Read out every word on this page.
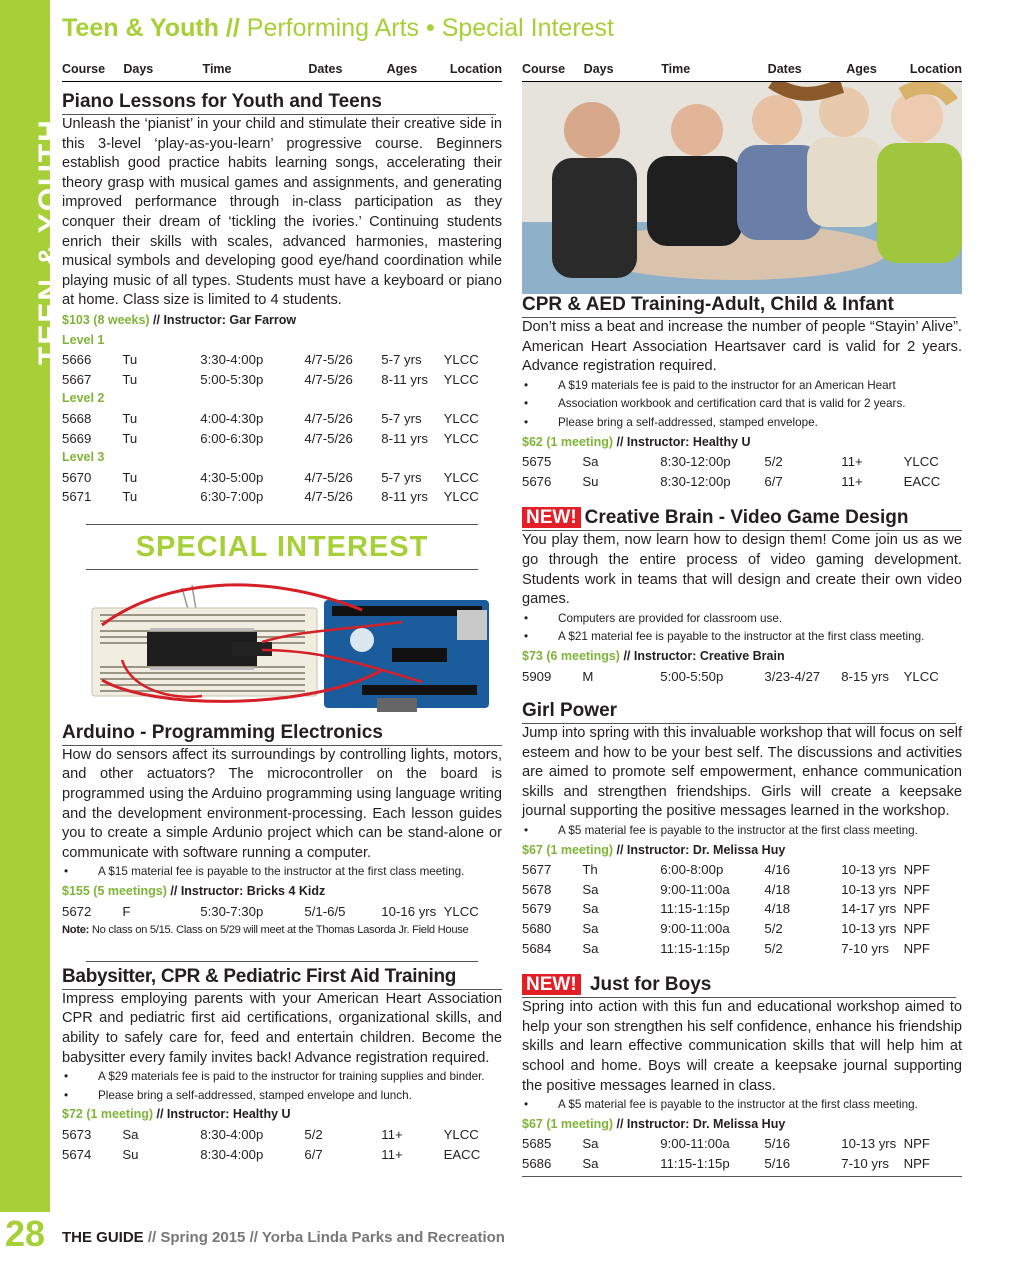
TEEN & YOUTH
28
Teen & Youth // Performing Arts • Special Interest
Course	Days	Time	Dates	Ages	Location
Piano Lessons for Youth and Teens

Unleash the ‘pianist’ in your child and stimulate their creative side in this 3-level ‘play-as-you-learn’ progressive course. Beginners establish good practice habits learning songs, accelerating their theory grasp with musical games and assignments, and generating improved performance through in-class participation as they conquer their dream of ‘tickling the ivories.’ Continuing students enrich their skills with scales, advanced harmonies, mastering musical symbols and developing good eye/hand coordination while playing music of all types. Students must have a keyboard or piano at home. Class size is limited to 4 students.

$103 (8 weeks) // Instructor: Gar Farrow
Level 1
5666	Tu	3:30-4:00p	4/7-5/26	5-7 yrs	YLCC
5667	Tu	5:00-5:30p	4/7-5/26	8-11 yrs	YLCC
Level 2
5668	Tu	4:00-4:30p	4/7-5/26	5-7 yrs	YLCC
5669	Tu	6:00-6:30p	4/7-5/26	8-11 yrs	YLCC
Level 3
5670	Tu	4:30-5:00p	4/7-5/26	5-7 yrs	YLCC
5671	Tu	6:30-7:00p	4/7-5/26	8-11 yrs	YLCC
SPECIAL INTEREST
Arduino - Programming Electronics

How do sensors affect its surroundings by controlling lights, motors, and other actuators? The microcontroller on the board is programmed using the Arduino programming using language writing and the development environment-processing. Each lesson guides you to create a simple Ardunio project which can be stand-alone or communicate with software running a computer.

• A $15 material fee is payable to the instructor at the first class meeting.
$155 (5 meetings) // Instructor: Bricks 4 Kidz
5672	F	5:30-7:30p	5/1-6/5	10-16 yrs YLCC
Note: No class on 5/15. Class on 5/29 will meet at the Thomas Lasorda Jr. Field House
Babysitter, CPR & Pediatric First Aid Training

Impress employing parents with your American Heart Association CPR and pediatric first aid certifications, organizational skills, and ability to safely care for, feed and entertain children. Become the babysitter every family invites back! Advance registration required.

• A $29 materials fee is paid to the instructor for training supplies and binder.
• Please bring a self-addressed, stamped envelope and lunch.
$72 (1 meeting) // Instructor: Healthy U
5673	Sa	8:30-4:00p	5/2	11+	YLCC
5674	Su	8:30-4:00p	6/7	11+	EACC
Course	Days	Time	Dates	Ages	Location
CPR & AED Training-Adult, Child & Infant

Don’t miss a beat and increase the number of people “Stayin’ Alive”. American Heart Association Heartsaver card is valid for 2 years. Advance registration required.

• A $19 materials fee is paid to the instructor for an American Heart
• Association workbook and certification card that is valid for 2 years.
• Please bring a self-addressed, stamped envelope.
$62 (1 meeting) // Instructor: Healthy U
5675	Sa	8:30-12:00p	5/2	11+	YLCC
5676	Su	8:30-12:00p	6/7	11+	EACC
NEW! Creative Brain - Video Game Design

You play them, now learn how to design them! Come join us as we go through the entire process of video gaming development. Students work in teams that will design and create their own video games.

• Computers are provided for classroom use.
• A $21 material fee is payable to the instructor at the first class meeting.
$73 (6 meetings) // Instructor: Creative Brain
5909	M	5:00-5:50p	3/23-4/27	8-15 yrs	YLCC
Girl Power

Jump into spring with this invaluable workshop that will focus on self esteem and how to be your best self. The discussions and activities are aimed to promote self empowerment, enhance communication skills and strengthen friendships. Girls will create a keepsake journal supporting the positive messages learned in the workshop.

• A $5 material fee is payable to the instructor at the first class meeting.
$67 (1 meeting) // Instructor: Dr. Melissa Huy
5677	Th	6:00-8:00p	4/16	10-13 yrs NPF
5678	Sa	9:00-11:00a	4/18	10-13 yrs NPF
5679	Sa	11:15-1:15p	4/18	14-17 yrs NPF
5680	Sa	9:00-11:00a	5/2	10-13 yrs NPF
5684	Sa	11:15-1:15p	5/2	7-10 yrs	NPF
NEW! Just for Boys

Spring into action with this fun and educational workshop aimed to help your son strengthen his self confidence, enhance his friendship skills and learn effective communication skills that will help him at school and home. Boys will create a keepsake journal supporting the positive messages learned in class.

• A $5 material fee is payable to the instructor at the first class meeting.
$67 (1 meeting) // Instructor: Dr. Melissa Huy
5685	Sa	9:00-11:00a	5/16	10-13 yrs NPF
5686	Sa	11:15-1:15p	5/16	7-10 yrs	NPF
THE GUIDE // Spring 2015 // Yorba Linda Parks and Recreation
